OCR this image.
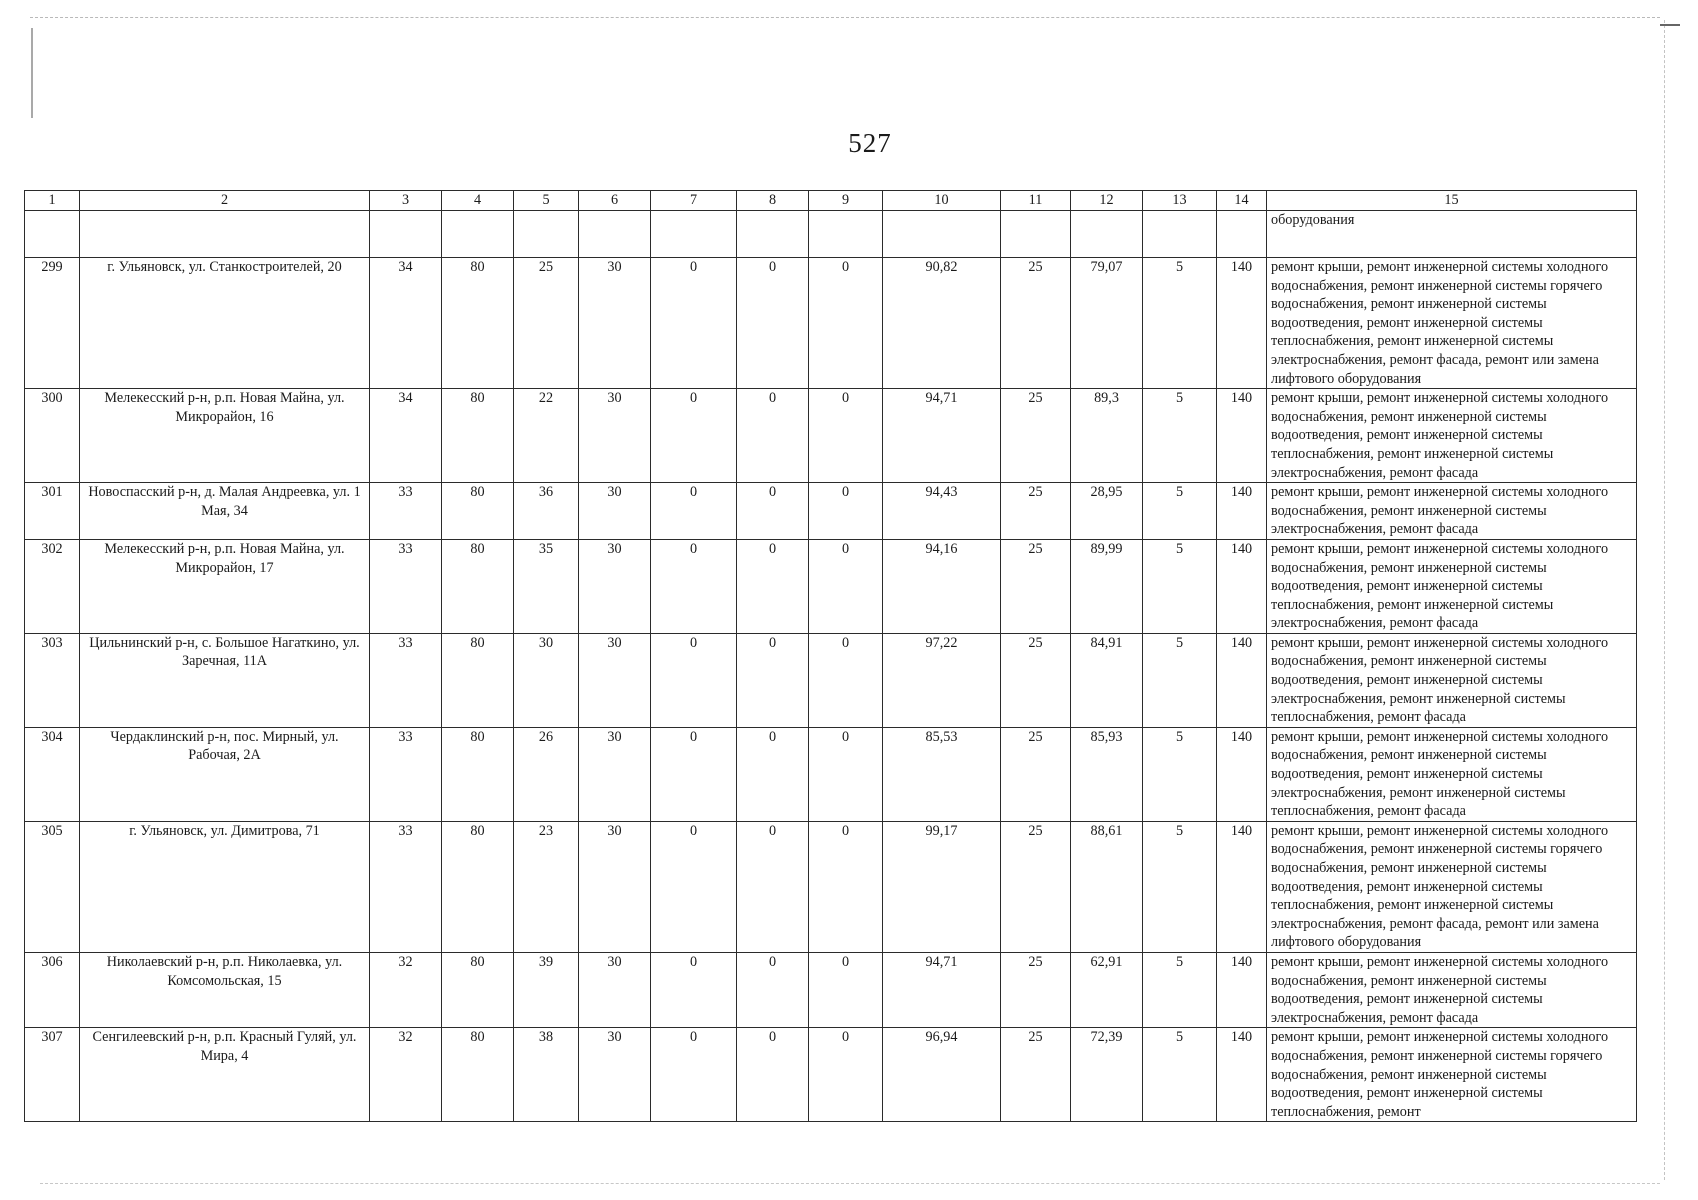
527
1	2	3	4	5	6	7	8	9	10	11	12	13	14	15
														оборудования
299	г. Ульяновск, ул. Станкостроителей, 20	34	80	25	30	0	0	0	90,82	25	79,07	5	140	ремонт крыши, ремонт инженерной системы холодного водоснабжения, ремонт инженерной системы горячего водоснабжения, ремонт инженерной системы водоотведения, ремонт инженерной системы теплоснабжения, ремонт инженерной системы электроснабжения, ремонт фасада, ремонт или замена лифтового оборудования
300	Мелекесский р-н, р.п. Новая Майна, ул. Микрорайон, 16	34	80	22	30	0	0	0	94,71	25	89,3	5	140	ремонт крыши, ремонт инженерной системы холодного водоснабжения, ремонт инженерной системы водоотведения, ремонт инженерной системы теплоснабжения, ремонт инженерной системы электроснабжения, ремонт фасада
301	Новоспасский р-н, д. Малая Андреевка, ул. 1 Мая, 34	33	80	36	30	0	0	0	94,43	25	28,95	5	140	ремонт крыши, ремонт инженерной системы холодного водоснабжения, ремонт инженерной системы электроснабжения, ремонт фасада
302	Мелекесский р-н, р.п. Новая Майна, ул. Микрорайон, 17	33	80	35	30	0	0	0	94,16	25	89,99	5	140	ремонт крыши, ремонт инженерной системы холодного водоснабжения, ремонт инженерной системы водоотведения, ремонт инженерной системы теплоснабжения, ремонт инженерной системы электроснабжения, ремонт фасада
303	Цильнинский р-н, с. Большое Нагаткино, ул. Заречная, 11А	33	80	30	30	0	0	0	97,22	25	84,91	5	140	ремонт крыши, ремонт инженерной системы холодного водоснабжения, ремонт инженерной системы водоотведения, ремонт инженерной системы электроснабжения, ремонт инженерной системы теплоснабжения, ремонт фасада
304	Чердаклинский р-н, пос. Мирный, ул. Рабочая, 2А	33	80	26	30	0	0	0	85,53	25	85,93	5	140	ремонт крыши, ремонт инженерной системы холодного водоснабжения, ремонт инженерной системы водоотведения, ремонт инженерной системы электроснабжения, ремонт инженерной системы теплоснабжения, ремонт фасада
305	г. Ульяновск, ул. Димитрова, 71	33	80	23	30	0	0	0	99,17	25	88,61	5	140	ремонт крыши, ремонт инженерной системы холодного водоснабжения, ремонт инженерной системы горячего водоснабжения, ремонт инженерной системы водоотведения, ремонт инженерной системы теплоснабжения, ремонт инженерной системы электроснабжения, ремонт фасада, ремонт или замена лифтового оборудования
306	Николаевский р-н, р.п. Николаевка, ул. Комсомольская, 15	32	80	39	30	0	0	0	94,71	25	62,91	5	140	ремонт крыши, ремонт инженерной системы холодного водоснабжения, ремонт инженерной системы водоотведения, ремонт инженерной системы электроснабжения, ремонт фасада
307	Сенгилеевский р-н, р.п. Красный Гуляй, ул. Мира, 4	32	80	38	30	0	0	0	96,94	25	72,39	5	140	ремонт крыши, ремонт инженерной системы холодного водоснабжения, ремонт инженерной системы горячего водоснабжения, ремонт инженерной системы водоотведения, ремонт инженерной системы теплоснабжения, ремонт
